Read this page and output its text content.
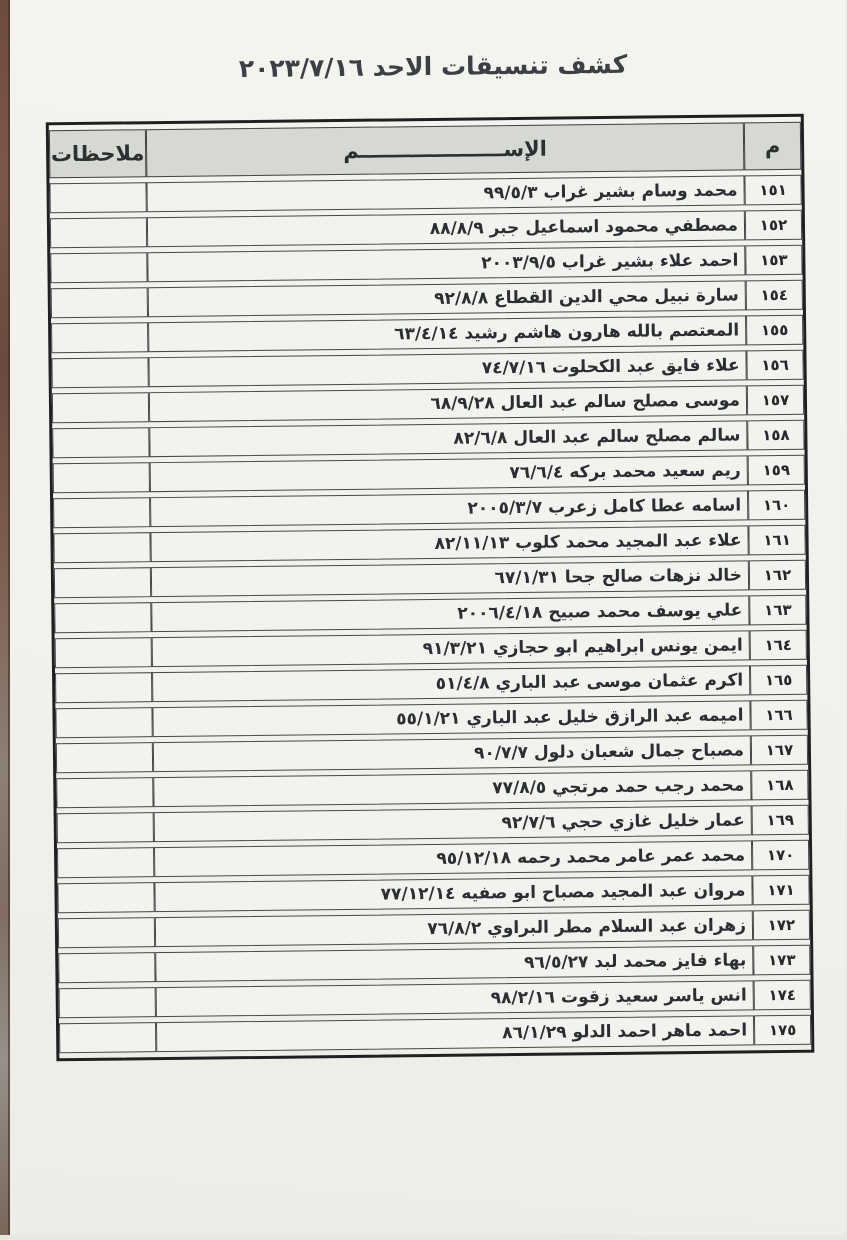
كشف تنسيقات الاحد ٢٠٢٣/٧/١٦
م	الإســــــــــــــــــــم	ملاحظات
١٥١	محمد وسام بشير غراب ٩٩/٥/٣	
١٥٢	مصطفي محمود اسماعيل جبر ٨٨/٨/٩	
١٥٣	احمد علاء بشير غراب ٢٠٠٣/٩/٥	
١٥٤	سارة نبيل محي الدين القطاع ٩٢/٨/٨	
١٥٥	المعتصم بالله هارون هاشم رشيد ٦٣/٤/١٤	
١٥٦	علاء فايق عبد الكحلوت ٧٤/٧/١٦	
١٥٧	موسى مصلح سالم عبد العال ٦٨/٩/٢٨	
١٥٨	سالم مصلح سالم عبد العال ٨٢/٦/٨	
١٥٩	ريم سعيد محمد بركه ٧٦/٦/٤	
١٦٠	اسامه عطا كامل زعرب ٢٠٠٥/٣/٧	
١٦١	علاء عبد المجيد محمد كلوب ٨٢/١١/١٣	
١٦٢	خالد نزهات صالح جحا ٦٧/١/٣١	
١٦٣	علي يوسف محمد صبيح ٢٠٠٦/٤/١٨	
١٦٤	ايمن يونس ابراهيم ابو حجازي ٩١/٣/٢١	
١٦٥	اكرم عثمان موسى عبد الباري ٥١/٤/٨	
١٦٦	اميمه عبد الرازق خليل عبد الباري ٥٥/١/٢١	
١٦٧	مصباح جمال شعبان دلول ٩٠/٧/٧	
١٦٨	محمد رجب حمد مرتجي ٧٧/٨/٥	
١٦٩	عمار خليل غازي حجي ٩٢/٧/٦	
١٧٠	محمد عمر عامر محمد رحمه ٩٥/١٢/١٨	
١٧١	مروان عبد المجيد مصباح ابو صفيه ٧٧/١٢/١٤	
١٧٢	زهران عبد السلام مطر البراوي ٧٦/٨/٢	
١٧٣	بهاء فايز محمد لبد ٩٦/٥/٢٧	
١٧٤	انس ياسر سعيد زقوت ٩٨/٢/١٦	
١٧٥	احمد ماهر احمد الدلو ٨٦/١/٢٩	
